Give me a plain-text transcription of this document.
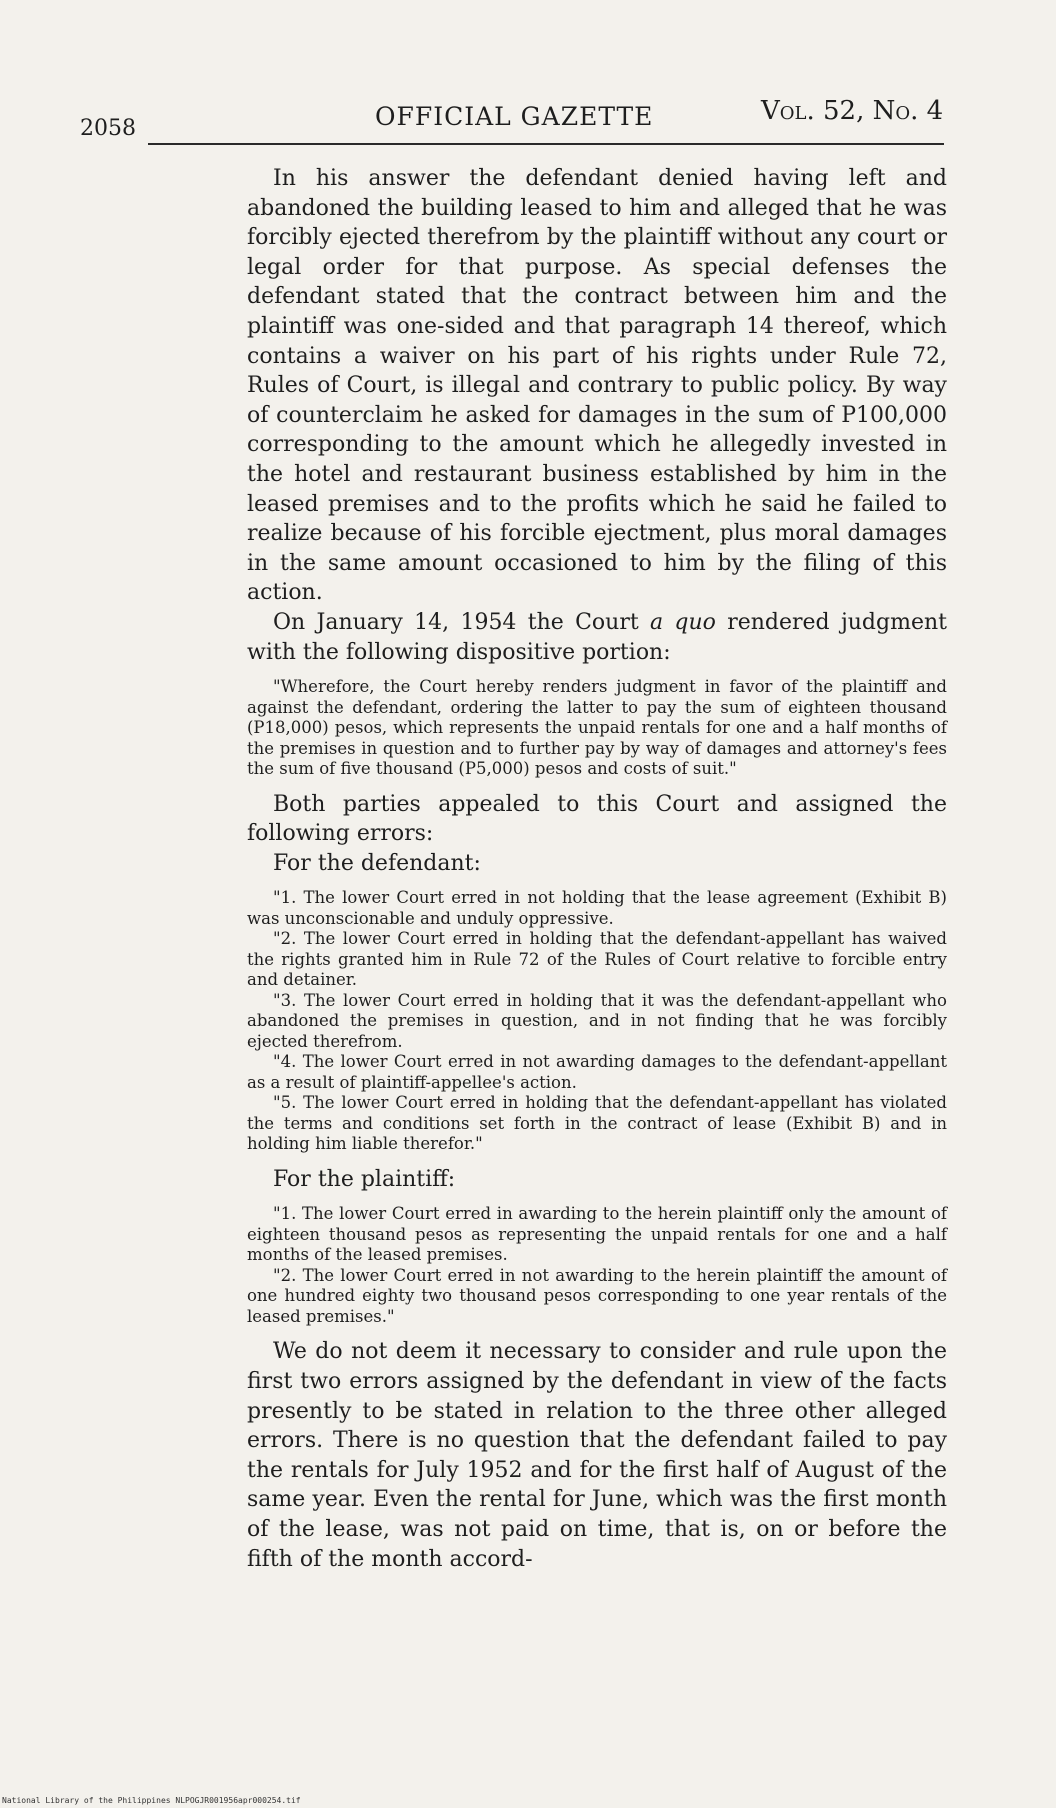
2058	OFFICIAL GAZETTE	Vol. 52, No. 4

In his answer the defendant denied having left and abandoned the building leased to him and alleged that he was forcibly ejected therefrom by the plaintiff without any court or legal order for that purpose. As special defenses the defendant stated that the contract between him and the plaintiff was one-sided and that paragraph 14 thereof, which contains a waiver on his part of his rights under Rule 72, Rules of Court, is illegal and contrary to public policy. By way of counterclaim he asked for damages in the sum of P100,000 corresponding to the amount which he allegedly invested in the hotel and restaurant business established by him in the leased premises and to the profits which he said he failed to realize because of his forcible ejectment, plus moral damages in the same amount occasioned to him by the filing of this action.

On January 14, 1954 the Court a quo rendered judgment with the following dispositive portion:

"Wherefore, the Court hereby renders judgment in favor of the plaintiff and against the defendant, ordering the latter to pay the sum of eighteen thousand (P18,000) pesos, which represents the unpaid rentals for one and a half months of the premises in question and to further pay by way of damages and attorney's fees the sum of five thousand (P5,000) pesos and costs of suit."

Both parties appealed to this Court and assigned the following errors:

For the defendant:

"1. The lower Court erred in not holding that the lease agreement (Exhibit B) was unconscionable and unduly oppressive.

"2. The lower Court erred in holding that the defendant-appellant has waived the rights granted him in Rule 72 of the Rules of Court relative to forcible entry and detainer.

"3. The lower Court erred in holding that it was the defendant-appellant who abandoned the premises in question, and in not finding that he was forcibly ejected therefrom.

"4. The lower Court erred in not awarding damages to the defendant-appellant as a result of plaintiff-appellee's action.

"5. The lower Court erred in holding that the defendant-appellant has violated the terms and conditions set forth in the contract of lease (Exhibit B) and in holding him liable therefor."

For the plaintiff:

"1. The lower Court erred in awarding to the herein plaintiff only the amount of eighteen thousand pesos as representing the unpaid rentals for one and a half months of the leased premises.

"2. The lower Court erred in not awarding to the herein plaintiff the amount of one hundred eighty two thousand pesos corresponding to one year rentals of the leased premises."

We do not deem it necessary to consider and rule upon the first two errors assigned by the defendant in view of the facts presently to be stated in relation to the three other alleged errors. There is no question that the defendant failed to pay the rentals for July 1952 and for the first half of August of the same year. Even the rental for June, which was the first month of the lease, was not paid on time, that is, on or before the fifth of the month accord-

National Library of the Philippines NLPOGJR001956apr000254.tif
